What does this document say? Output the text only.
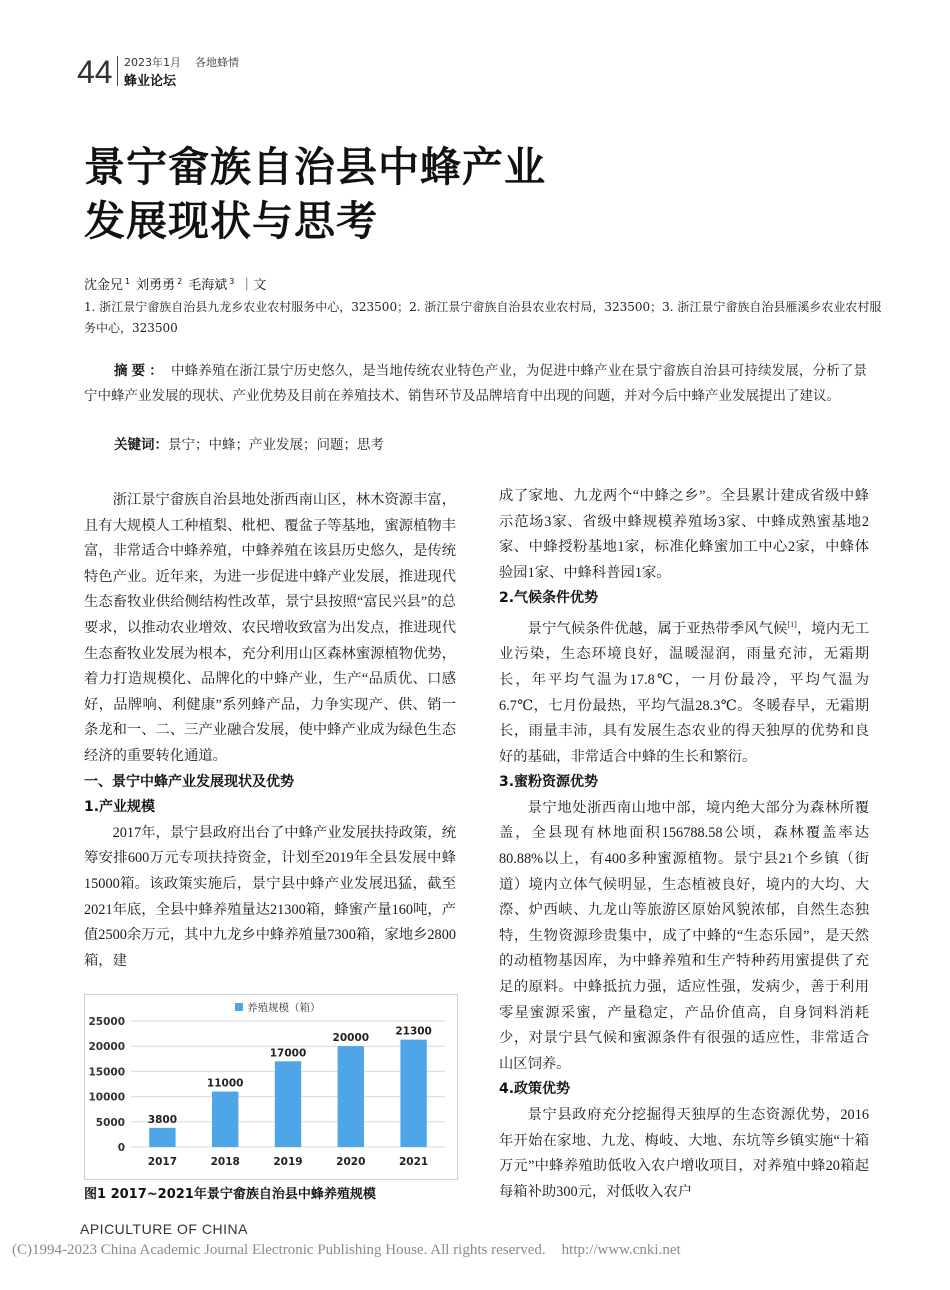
44 2023年1月 各地蜂情
蜂业论坛
景宁畲族自治县中蜂产业
发展现状与思考
沈金兄 $^1$ 刘勇勇 $^2$ 毛海斌 $^3$ ｜文
1. 浙江景宁畲族自治县九龙乡农业农村服务中心，323500；2. 浙江景宁畲族自治县农业农村局，323500；3. 浙江景宁畲族自治县雁溪乡农业农村服务中心，323500
摘要： 中蜂养殖在浙江景宁历史悠久，是当地传统农业特色产业，为促进中蜂产业在景宁畲族自治县可持续发展，分析了景宁中蜂产业发展的现状、产业优势及目前在养殖技术、销售环节及品牌培育中出现的问题，并对今后中蜂产业发展提出了建议。
关键词：景宁；中蜂；产业发展；问题；思考

浙江景宁畲族自治县地处浙西南山区，林木资源丰富，且有大规模人工种植梨、枇杷、覆盆子等基地，蜜源植物丰富，非常适合中蜂养殖，中蜂养殖在该县历史悠久，是传统特色产业。近年来，为进一步促进中蜂产业发展，推进现代生态畜牧业供给侧结构性改革，景宁县按照“富民兴县”的总要求，以推动农业增效、农民增收致富为出发点，推进现代生态畜牧业发展为根本，充分利用山区森林蜜源植物优势，着力打造规模化、品牌化的中蜂产业，生产“品质优、口感好，品牌响、利健康”系列蜂产品，力争实现产、供、销一条龙和一、二、三产业融合发展，使中蜂产业成为绿色生态经济的重要转化通道。

一、景宁中蜂产业发展现状及优势
1.产业规模

2017年，景宁县政府出台了中蜂产业发展扶持政策，统筹安排600万元专项扶持资金，计划至2019年全县发展中蜂15000箱。该政策实施后，景宁县中蜂产业发展迅猛，截至2021年底，全县中蜂养殖量达21300箱，蜂蜜产量160吨，产值2500余万元，其中九龙乡中蜂养殖量7300箱，家地乡2800箱，建

养殖规模（箱）
0
5000
10000
15000
20000
25000
3800
2017
11000
2018
17000
2019
20000
2020
21300
2021
图1 2017~2021年景宁畲族自治县中蜂养殖规模

成了家地、九龙两个“中蜂之乡”。全县累计建成省级中蜂示范场3家、省级中蜂规模养殖场3家、中蜂成熟蜜基地2家、中蜂授粉基地1家，标准化蜂蜜加工中心2家，中蜂体验园1家、中蜂科普园1家。

2.气候条件优势

景宁气候条件优越，属于亚热带季风气候[1]，境内无工业污染，生态环境良好，温暖湿润，雨量充沛，无霜期长，年平均气温为17.8℃，一月份最冷，平均气温为6.7℃，七月份最热，平均气温28.3℃。冬暖春早，无霜期长，雨量丰沛，具有发展生态农业的得天独厚的优势和良好的基础，非常适合中蜂的生长和繁衍。

3.蜜粉资源优势

景宁地处浙西南山地中部，境内绝大部分为森林所覆盖，全县现有林地面积156788.58公顷，森林覆盖率达80.88%以上，有400多种蜜源植物。景宁县21个乡镇（街道）境内立体气候明显，生态植被良好，境内的大均、大漈、炉西峡、九龙山等旅游区原始风貌浓郁，自然生态独特，生物资源珍贵集中，成了中蜂的“生态乐园”，是天然的动植物基因库，为中蜂养殖和生产特种药用蜜提供了充足的原料。中蜂抵抗力强，适应性强，发病少，善于利用零星蜜源采蜜，产量稳定，产品价值高，自身饲料消耗少，对景宁县气候和蜜源条件有很强的适应性，非常适合山区饲养。

4.政策优势

景宁县政府充分挖掘得天独厚的生态资源优势，2016年开始在家地、九龙、梅岐、大地、东坑等乡镇实施“十箱万元”中蜂养殖助低收入农户增收项目，对养殖中蜂20箱起每箱补助300元，对低收入农户

APICULTURE OF CHINA
(C)1994-2023 China Academic Journal Electronic Publishing House. All rights reserved. http://www.cnki.net
